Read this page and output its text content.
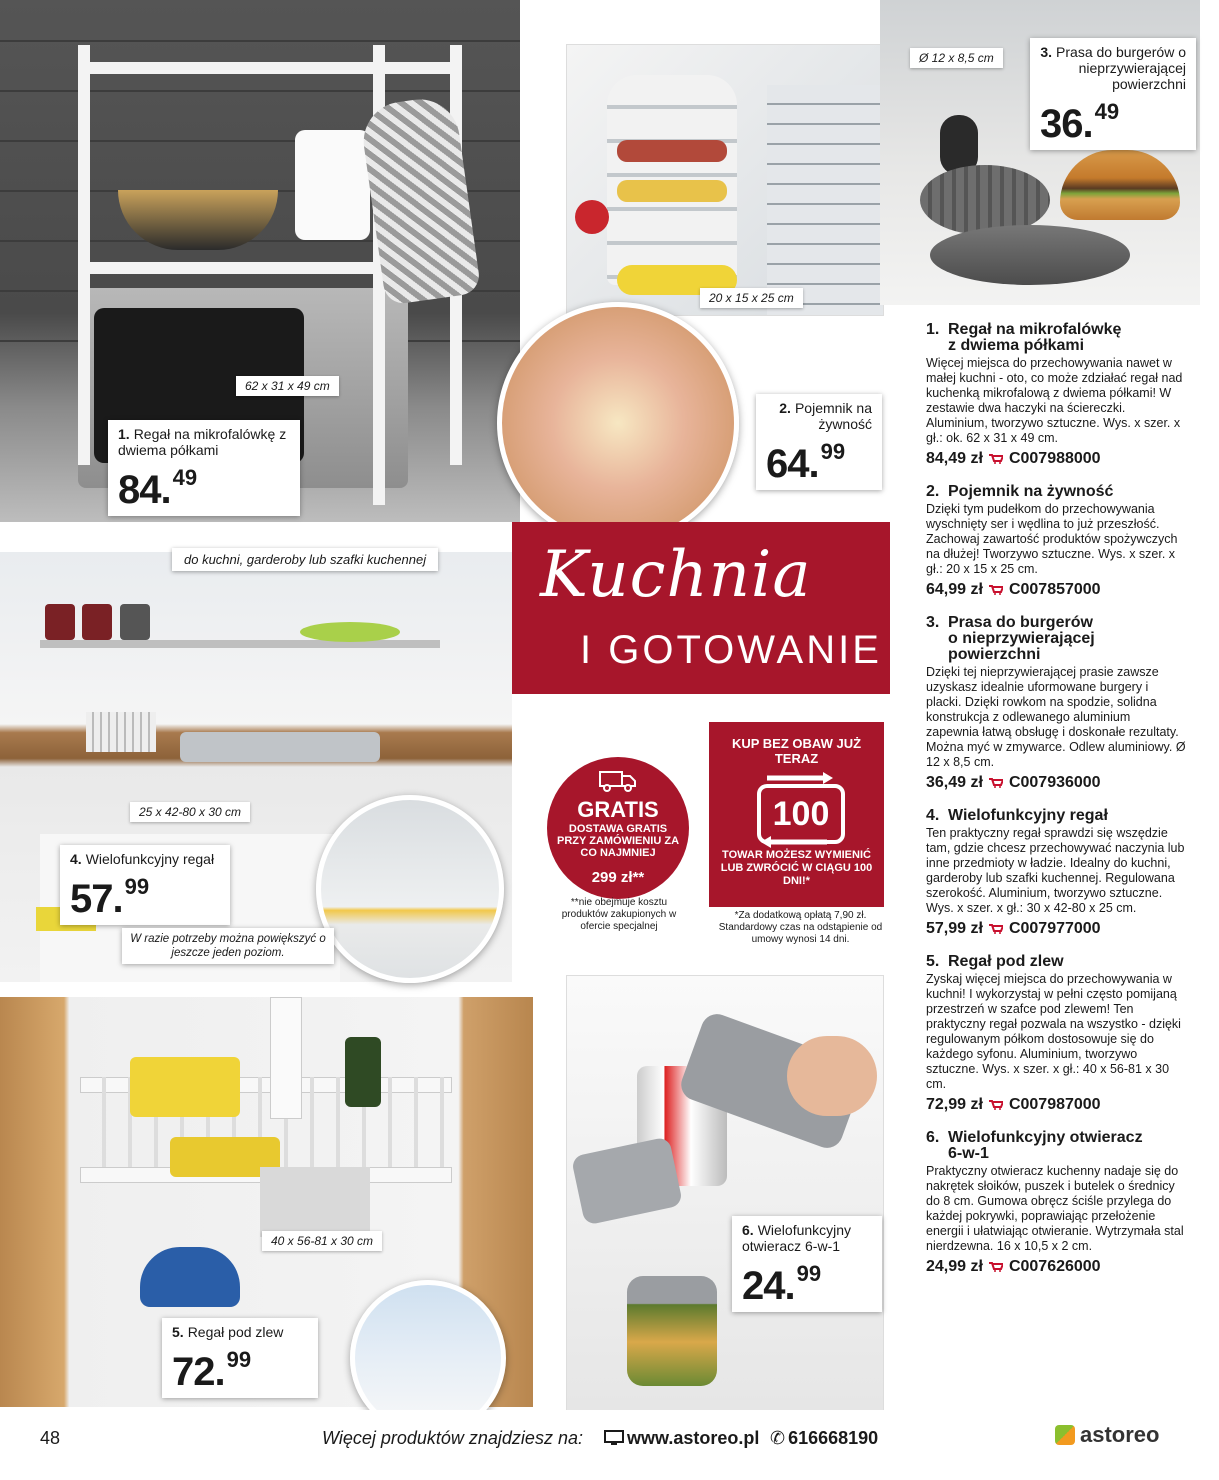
62 x 31 x 49 cm
1. Regał na mikrofalówkę z dwiema półkami
84.49
20 x 15 x 25 cm
2. Pojemnik na żywność
64.99
Ø 12 x 8,5 cm	3. Prasa do burgerów o nieprzywierającej powierzchni
36.49
Kuchnia
I GOTOWANIE
do kuchni, garderoby lub szafki kuchennej
25 x 42-80 x 30 cm
4. Wielofunkcyjny regał
57.99
W razie potrzeby można powiększyć o jeszcze jeden poziom.
GRATIS
DOSTAWA GRATIS PRZY ZAMÓWIENIU ZA CO NAJMNIEJ
299 zł**
**nie obejmuje kosztu produktów zakupionych w ofercie specjalnej
KUP BEZ OBAW JUŻ TERAZ
100
TOWAR MOŻESZ WYMIENIĆ LUB ZWRÓCIĆ W CIĄGU 100 DNI!*
*Za dodatkową opłatą 7,90 zł. Standardowy czas na odstąpienie od umowy wynosi 14 dni.
40 x 56-81 x 30 cm
5. Regał pod zlew
72.99
6. Wielofunkcyjny otwieracz 6-w-1
24.99
1. Regał na mikrofalówkę
z dwiema półkami

Więcej miejsca do przechowywania nawet w małej kuchni - oto, co może zdziałać regał nad kuchenką mikrofalową z dwiema półkami! W zestawie dwa haczyki na ściereczki. Aluminium, tworzywo sztuczne. Wys. x szer. x gł.: ok. 62 x 31 x 49 cm.

84,49 zł C007988000
2. Pojemnik na żywność

Dzięki tym pudełkom do przechowywania wyschnięty ser i wędlina to już przeszłość. Zachowaj zawartość produktów spożywczych na dłużej! Tworzywo sztuczne. Wys. x szer. x gł.: 20 x 15 x 25 cm.

64,99 zł C007857000
3. Prasa do burgerów
o nieprzywierającej powierzchni

Dzięki tej nieprzywierającej prasie zawsze uzyskasz idealnie uformowane burgery i placki. Dzięki rowkom na spodzie, solidna konstrukcja z odlewanego aluminium zapewnia łatwą obsługę i doskonałe rezultaty. Można myć w zmywarce. Odlew aluminiowy. Ø 12 x 8,5 cm.

36,49 zł C007936000
4. Wielofunkcyjny regał

Ten praktyczny regał sprawdzi się wszędzie tam, gdzie chcesz przechowywać naczynia lub inne przedmioty w ładzie. Idealny do kuchni, garderoby lub szafki kuchennej. Regulowana szerokość. Aluminium, tworzywo sztuczne. Wys. x szer. x gł.: 30 x 42-80 x 25 cm.

57,99 zł C007977000
5. Regał pod zlew

Zyskaj więcej miejsca do przechowywania w kuchni! I wykorzystaj w pełni często pomijaną przestrzeń w szafce pod zlewem! Ten praktyczny regał pozwala na wszystko - dzięki regulowanym półkom dostosowuje się do każdego syfonu. Aluminium, tworzywo sztuczne. Wys. x szer. x gł.: 40 x 56-81 x 30 cm.

72,99 zł C007987000
6. Wielofunkcyjny otwieracz
6-w-1

Praktyczny otwieracz kuchenny nadaje się do nakrętek słoików, puszek i butelek o średnicy do 8 cm. Gumowa obręcz ściśle przylega do każdej pokrywki, poprawiając przełożenie energii i ułatwiając otwieranie. Wytrzymała stal nierdzewna. 16 x 10,5 x 2 cm.

24,99 zł C007626000
48	Więcej produktów znajdziesz na:	www.astoreo.pl ✆ 616668190	astoreo
